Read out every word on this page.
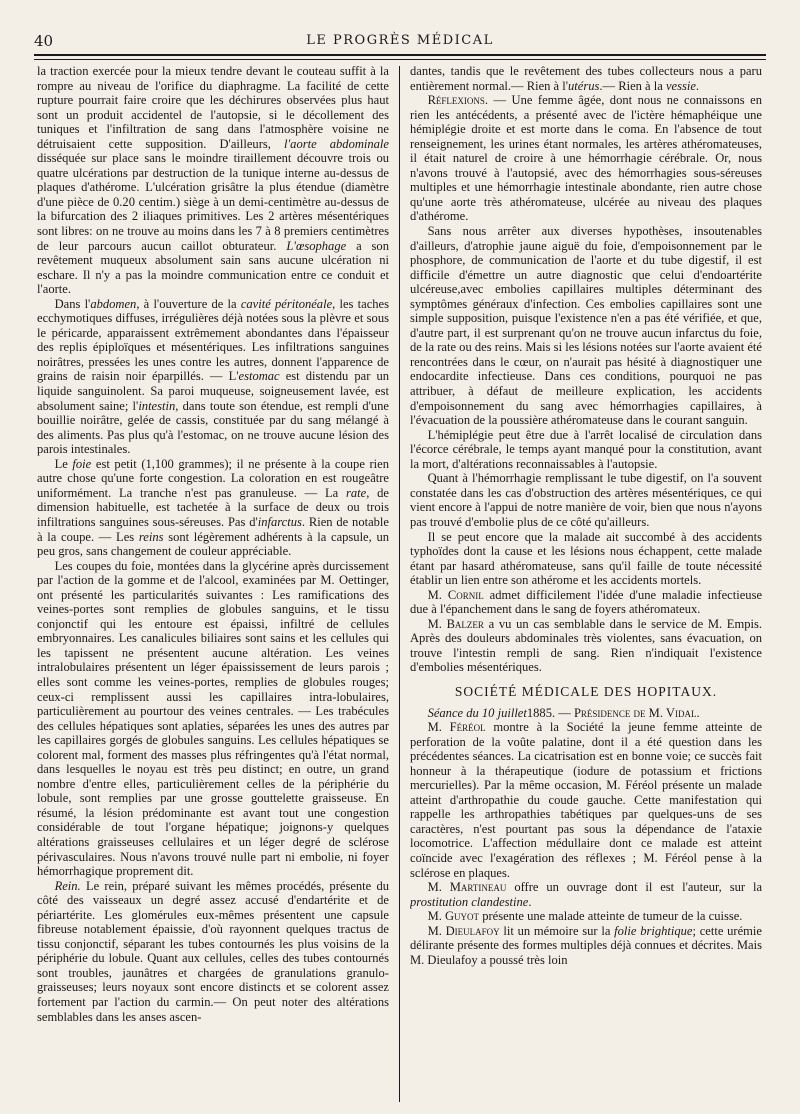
40	LE PROGRÈS MÉDICAL

la traction exercée pour la mieux tendre devant le couteau suffit à la rompre au niveau de l'orifice du diaphragme. La facilité de cette rupture pourrait faire croire que les déchirures observées plus haut sont un produit accidentel de l'autopsie, si le décollement des tuniques et l'infiltration de sang dans l'atmosphère voisine ne détruisaient cette supposition. D'ailleurs, l'aorte abdominale disséquée sur place sans le moindre tiraillement découvre trois ou quatre ulcérations par destruction de la tunique interne au-dessus de plaques d'athérome. L'ulcération grisâtre la plus étendue (diamètre d'une pièce de 0.20 centim.) siège à un demi-centimètre au-dessus de la bifurcation des 2 iliaques primitives. Les 2 artères mésentériques sont libres: on ne trouve au moins dans les 7 à 8 premiers centimètres de leur parcours aucun caillot obturateur. L'œsophage a son revêtement muqueux absolument sain sans aucune ulcération ni eschare. Il n'y a pas la moindre communication entre ce conduit et l'aorte.

Dans l'abdomen, à l'ouverture de la cavité péritonéale, les taches ecchymotiques diffuses, irrégulières déjà notées sous la plèvre et sous le péricarde, apparaissent extrêmement abondantes dans l'épaisseur des replis épiploïques et mésentériques. Les infiltrations sanguines noirâtres, pressées les unes contre les autres, donnent l'apparence de grains de raisin noir éparpillés. — L'estomac est distendu par un liquide sanguinolent. Sa paroi muqueuse, soigneusement lavée, est absolument saine; l'intestin, dans toute son étendue, est rempli d'une bouillie noirâtre, gelée de cassis, constituée par du sang mélangé à des aliments. Pas plus qu'à l'estomac, on ne trouve aucune lésion des parois intestinales.

Le foie est petit (1,100 grammes); il ne présente à la coupe rien autre chose qu'une forte congestion. La coloration en est rougeâtre uniformément. La tranche n'est pas granuleuse. — La rate, de dimension habituelle, est tachetée à la surface de deux ou trois infiltrations sanguines sous-séreuses. Pas d'infarctus. Rien de notable à la coupe. — Les reins sont légèrement adhérents à la capsule, un peu gros, sans changement de couleur appréciable.

Les coupes du foie, montées dans la glycérine après durcissement par l'action de la gomme et de l'alcool, examinées par M. Oettinger, ont présenté les particularités suivantes : Les ramifications des veines-portes sont remplies de globules sanguins, et le tissu conjonctif qui les entoure est épaissi, infiltré de cellules embryonnaires. Les canalicules biliaires sont sains et les cellules qui les tapissent ne présentent aucune altération. Les veines intralobulaires présentent un léger épaississement de leurs parois ; elles sont comme les veines-portes, remplies de globules rouges; ceux-ci remplissent aussi les capillaires intra-lobulaires, particulièrement au pourtour des veines centrales. — Les trabécules des cellules hépatiques sont aplaties, séparées les unes des autres par les capillaires gorgés de globules sanguins. Les cellules hépatiques se colorent mal, forment des masses plus réfringentes qu'à l'état normal, dans lesquelles le noyau est très peu distinct; en outre, un grand nombre d'entre elles, particulièrement celles de la périphérie du lobule, sont remplies par une grosse gouttelette graisseuse. En résumé, la lésion prédominante est avant tout une congestion considérable de tout l'organe hépatique; joignons-y quelques altérations graisseuses cellulaires et un léger degré de sclérose périvasculaires. Nous n'avons trouvé nulle part ni embolie, ni foyer hémorrhagique proprement dit.

Rein. Le rein, préparé suivant les mêmes procédés, présente du côté des vaisseaux un degré assez accusé d'endartérite et de périartérite. Les glomérules eux-mêmes présentent une capsule fibreuse notablement épaissie, d'où rayonnent quelques tractus de tissu conjonctif, séparant les tubes contournés les plus voisins de la périphérie du lobule. Quant aux cellules, celles des tubes contournés sont troubles, jaunâtres et chargées de granulations granulo-graisseuses; leurs noyaux sont encore distincts et se colorent assez fortement par l'action du carmin.— On peut noter des altérations semblables dans les anses ascen-

dantes, tandis que le revêtement des tubes collecteurs nous a paru entièrement normal.— Rien à l'utérus.— Rien à la vessie.

Réflexions. — Une femme âgée, dont nous ne connaissons en rien les antécédents, a présenté avec de l'ictère hémaphéique une hémiplégie droite et est morte dans le coma. En l'absence de tout renseignement, les urines étant normales, les artères athéromateuses, il était naturel de croire à une hémorrhagie cérébrale. Or, nous n'avons trouvé à l'autopsié, avec des hémorrhagies sous-séreuses multiples et une hémorrhagie intestinale abondante, rien autre chose qu'une aorte très athéromateuse, ulcérée au niveau des plaques d'athérome.

Sans nous arrêter aux diverses hypothèses, insoutenables d'ailleurs, d'atrophie jaune aiguë du foie, d'empoisonnement par le phosphore, de communication de l'aorte et du tube digestif, il est difficile d'émettre un autre diagnostic que celui d'endoartérite ulcéreuse,avec embolies capillaires multiples déterminant des symptômes généraux d'infection. Ces embolies capillaires sont une simple supposition, puisque l'existence n'en a pas été vérifiée, et que, d'autre part, il est surprenant qu'on ne trouve aucun infarctus du foie, de la rate ou des reins. Mais si les lésions notées sur l'aorte avaient été rencontrées dans le cœur, on n'aurait pas hésité à diagnostiquer une endocardite infectieuse. Dans ces conditions, pourquoi ne pas attribuer, à défaut de meilleure explication, les accidents d'empoisonnement du sang avec hémorrhagies capillaires, à l'évacuation de la poussière athéromateuse dans le courant sanguin.

L'hémiplégie peut être due à l'arrêt localisé de circulation dans l'écorce cérébrale, le temps ayant manqué pour la constitution, avant la mort, d'altérations reconnaissables à l'autopsie.

Quant à l'hémorrhagie remplissant le tube digestif, on l'a souvent constatée dans les cas d'obstruction des artères mésentériques, ce qui vient encore à l'appui de notre manière de voir, bien que nous n'ayons pas trouvé d'embolie plus de ce côté qu'ailleurs.

Il se peut encore que la malade ait succombé à des accidents typhoïdes dont la cause et les lésions nous échappent, cette malade étant par hasard athéromateuse, sans qu'il faille de toute nécessité établir un lien entre son athérome et les accidents mortels.

M. Cornil admet difficilement l'idée d'une maladie infectieuse due à l'épanchement dans le sang de foyers athéromateux.

M. Balzer a vu un cas semblable dans le service de M. Empis. Après des douleurs abdominales très violentes, sans évacuation, on trouve l'intestin rempli de sang. Rien n'indiquait l'existence d'embolies mésentériques.

SOCIÉTÉ MÉDICALE DES HOPITAUX.

Séance du 10 juillet1885. — Présidence de M. Vidal.

M. Féréol montre à la Société la jeune femme atteinte de perforation de la voûte palatine, dont il a été question dans les précédentes séances. La cicatrisation est en bonne voie; ce succès fait honneur à la thérapeutique (iodure de potassium et frictions mercurielles). Par la même occasion, M. Féréol présente un malade atteint d'arthropathie du coude gauche. Cette manifestation qui rappelle les arthropathies tabétiques par quelques-uns de ses caractères, n'est pourtant pas sous la dépendance de l'ataxie locomotrice. L'affection médullaire dont ce malade est atteint coïncide avec l'exagération des réflexes ; M. Féréol pense à la sclérose en plaques.

M. Martineau offre un ouvrage dont il est l'auteur, sur la prostitution clandestine.

M. Guyot présente une malade atteinte de tumeur de la cuisse.

M. Dieulafoy lit un mémoire sur la folie brightique; cette urémie délirante présente des formes multiples déjà connues et décrites. Mais M. Dieulafoy a poussé très loin
